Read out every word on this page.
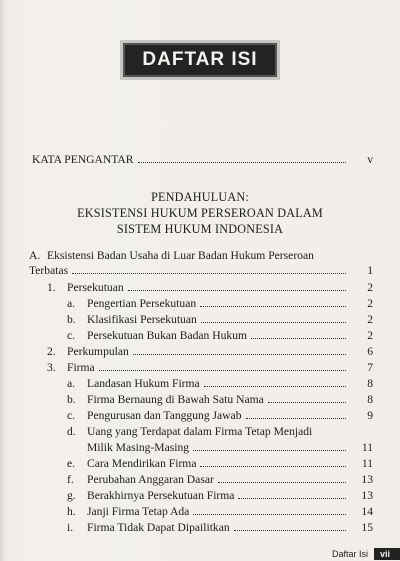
DAFTAR ISI
KATA PENGANTAR	v
PENDAHULUAN:
EKSISTENSI HUKUM PERSEROAN DALAM
SISTEM HUKUM INDONESIA
A. Eksistensi Badan Usaha di Luar Badan Hukum Perseroan
Terbatas	1
1. Persekutuan	2
a.	Pengertian Persekutuan	2
b. Klasifikasi Persekutuan	2
c.	Persekutuan Bukan Badan Hukum	2
2. Perkumpulan	6
3. Firma	7
a.	Landasan Hukum Firma	8
b. Firma Bernaung di Bawah Satu Nama	8
c.	Pengurusan dan Tanggung Jawab	9
d. Uang yang Terdapat dalam Firma Tetap Menjadi
Milik Masing-Masing	11
e.	Cara Mendirikan Firma	11
f.	Perubahan Anggaran Dasar	13
g. Berakhirnya Persekutuan Firma	13
h. Janji Firma Tetap Ada	14
i.	Firma Tidak Dapat Dipailitkan	15
Daftar Isi	vii
